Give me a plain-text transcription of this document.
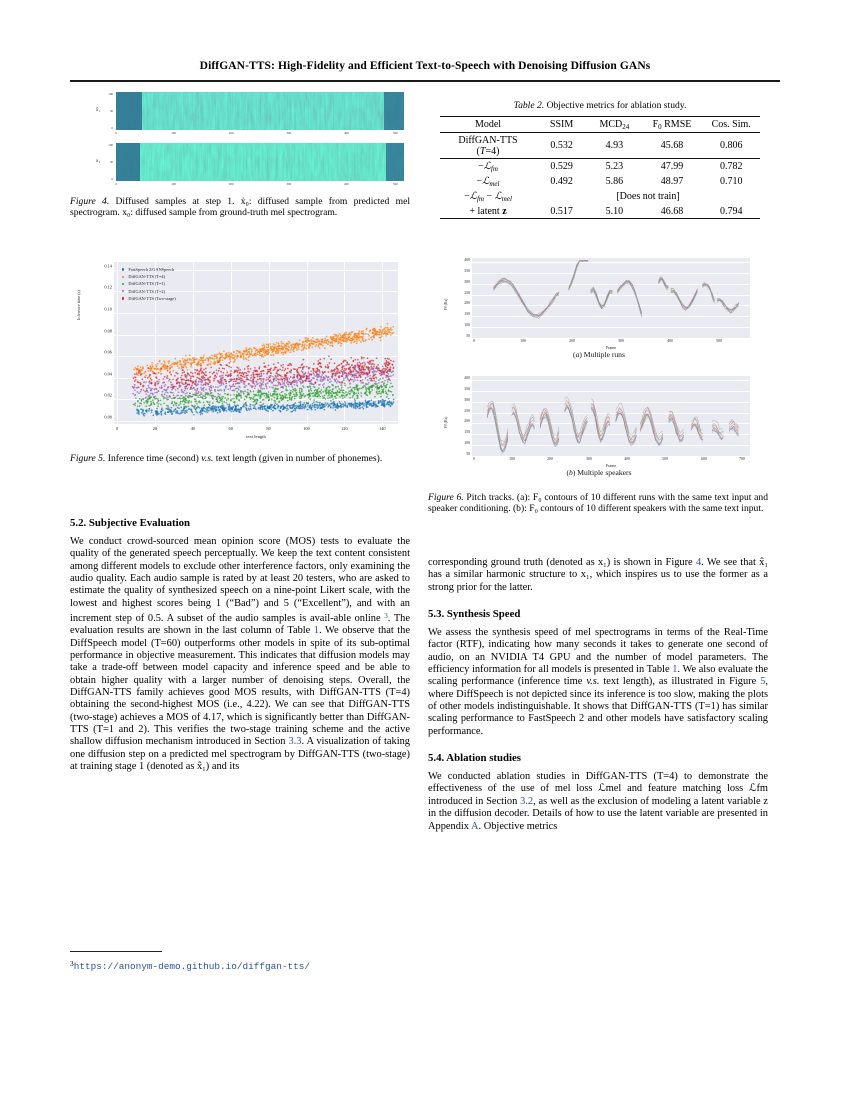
DiffGAN-TTS: High-Fidelity and Efficient Text-to-Speech with Denoising Diffusion GANs
x̂₁
100
50
0
0	100	200	300	400	500
x₁
100
50
0
0	100	200	300	400	500
Figure 4. Diffused samples at step 1. ẋ₀: diffused sample from predicted mel spectrogram. x₀: diffused sample from ground-truth mel spectrogram.
Inference time (s)
0.14
0.12
0.10
0.08
0.06
0.04
0.02
0.00
0	20	40	60	80	100	120	140
text length
FastSpeech 2/GANSpeech
DiffGAN-TTS (T=4)
DiffGAN-TTS (T=1)
DiffGAN-TTS (T=2)
DiffGAN-TTS (Two-stage)
Figure 5. Inference time (second) v.s. text length (given in number of phonemes).
5.2. Subjective Evaluation
We conduct crowd-sourced mean opinion score (MOS) tests to evaluate the quality of the generated speech perceptually. We keep the text content consistent among different models to exclude other interference factors, only examining the audio quality. Each audio sample is rated by at least 20 testers, who are asked to estimate the quality of synthesized speech on a nine-point Likert scale, with the lowest and highest scores being 1 (“Bad”) and 5 (“Excellent”), and with an increment step of 0.5. A subset of the audio samples is avail-able online $^3$. The evaluation results are shown in the last column of Table 1. We observe that the DiffSpeech model (T=60) outperforms other models in spite of its sub-optimal performance in objective measurement. This indicates that diffusion models may take a trade-off between model capacity and inference speed and be able to obtain higher quality with a larger number of denoising steps. Overall, the DiffGAN-TTS family achieves good MOS results, with DiffGAN-TTS (T=4) obtaining the second-highest MOS (i.e., 4.22). We can see that DiffGAN-TTS (two-stage) achieves a MOS of 4.17, which is significantly better than DiffGAN-TTS (T=1 and 2). This verifies the two-stage training scheme and the active shallow diffusion mechanism introduced in Section 3.3. A visualization of taking one diffusion step on a predicted mel spectrogram by DiffGAN-TTS (two-stage) at training stage 1 (denoted as x̂₁) and its
$^3$https://anonym-demo.github.io/diffgan-tts/
Table 2. Objective metrics for ablation study.
Model	SSIM	$MCD_{24}$	$F_0$ RMSE	Cos. Sim.

DiffGAN-TTS
(T=4)	0.532	4.93	45.68	0.806
−ℒ$_{fm}$	0.529	5.23	47.99	0.782
−ℒ$_{mel}$	0.492	5.86	48.97	0.710
−ℒ$_{fm}$ − ℒ$_{mel}$	[Does not train]			
+ latent z	0.517	5.10	46.68	0.794

F0 (Hz)
400
350
300
250
200
150
100
50
0	100	200	300	400	500
Frame
(a) Multiple runs
F0 (Hz)
400
350
300
250
200
150
100
50
0	100	200	300	400	500	600	700
Frame
(b) Multiple speakers
Figure 6. Pitch tracks. (a): F₀ contours of 10 different runs with the same text input and speaker conditioning. (b): F₀ contours of 10 different speakers with the same text input.
corresponding ground truth (denoted as x₁) is shown in Figure 4. We see that x̂₁ has a similar harmonic structure to x₁, which inspires us to use the former as a strong prior for the latter.
5.3. Synthesis Speed
We assess the synthesis speed of mel spectrograms in terms of the Real-Time factor (RTF), indicating how many seconds it takes to generate one second of audio, on an NVIDIA T4 GPU and the number of model parameters. The efficiency information for all models is presented in Table 1. We also evaluate the scaling performance (inference time v.s. text length), as illustrated in Figure 5, where DiffSpeech is not depicted since its inference is too slow, making the plots of other models indistinguishable. It shows that DiffGAN-TTS (T=1) has similar scaling performance to FastSpeech 2 and other models have satisfactory scaling performance.
5.4. Ablation studies
We conducted ablation studies in DiffGAN-TTS (T=4) to demonstrate the effectiveness of the use of mel loss ℒmel and feature matching loss ℒfm introduced in Section 3.2, as well as the exclusion of modeling a latent variable z in the diffusion decoder. Details of how to use the latent variable are presented in Appendix A. Objective metrics
